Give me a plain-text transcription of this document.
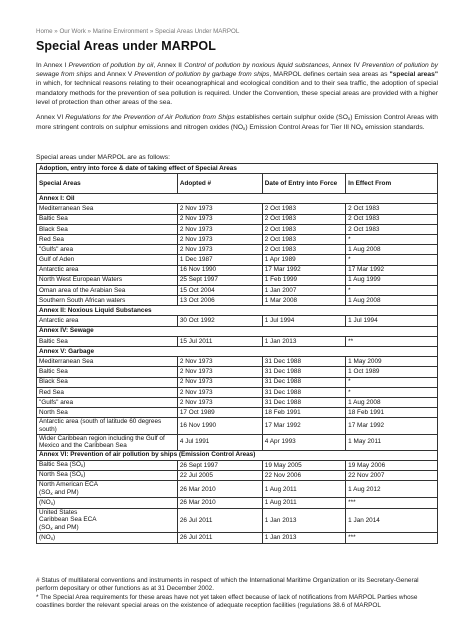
Home » Our Work » Marine Environment » Special Areas Under MARPOL
Special Areas under MARPOL

In Annex I Prevention of pollution by oil, Annex II Control of pollution by noxious liquid substances, Annex IV Prevention of pollution by sewage from ships and Annex V Prevention of pollution by garbage from ships, MARPOL defines certain sea areas as "special areas" in which, for technical reasons relating to their oceanographical and ecological condition and to their sea traffic, the adoption of special mandatory methods for the prevention of sea pollution is required. Under the Convention, these special areas are provided with a higher level of protection than other areas of the sea.

Annex VI Regulations for the Prevention of Air Pollution from Ships establishes certain sulphur oxide $(SO_x)$ Emission Control Areas with more stringent controls on sulphur emissions and nitrogen oxides $(NO_x)$ Emission Control Areas for Tier III $NO_x$ emission standards.

Special areas under MARPOL are as follows:

Adoption, entry into force & date of taking effect of Special Areas			
Special Areas	Adopted #	Date of Entry into Force	In Effect From
Annex I: Oil			
Mediterranean Sea	2 Nov 1973	2 Oct 1983	2 Oct 1983
Baltic Sea	2 Nov 1973	2 Oct 1983	2 Oct 1983
Black Sea	2 Nov 1973	2 Oct 1983	2 Oct 1983
Red Sea	2 Nov 1973	2 Oct 1983	*
"Gulfs" area	2 Nov 1973	2 Oct 1983	1 Aug 2008
Gulf of Aden	1 Dec 1987	1 Apr 1989	*
Antarctic area	16 Nov 1990	17 Mar 1992	17 Mar 1992
North West European Waters	25 Sept 1997	1 Feb 1999	1 Aug 1999
Oman area of the Arabian Sea	15 Oct 2004	1 Jan 2007	*
Southern South African waters	13 Oct 2006	1 Mar 2008	1 Aug 2008
Annex II: Noxious Liquid Substances			
Antarctic area	30 Oct 1992	1 Jul 1994	1 Jul 1994
Annex IV: Sewage			
Baltic Sea	15 Jul 2011	1 Jan 2013	**
Annex V: Garbage			
Mediterranean Sea	2 Nov 1973	31 Dec 1988	1 May 2009
Baltic Sea	2 Nov 1973	31 Dec 1988	1 Oct 1989
Black Sea	2 Nov 1973	31 Dec 1988	*
Red Sea	2 Nov 1973	31 Dec 1988	*
"Gulfs" area	2 Nov 1973	31 Dec 1988	1 Aug 2008
North Sea	17 Oct 1989	18 Feb 1991	18 Feb 1991
Antarctic area (south of latitude 60 degrees south)	16 Nov 1990	17 Mar 1992	17 Mar 1992
Wider Caribbean region including the Gulf of Mexico and the Caribbean Sea	4 Jul 1991	4 Apr 1993	1 May 2011
Annex VI: Prevention of air pollution by ships (Emission Control Areas)			
Baltic Sea $(SO_x)$	26 Sept 1997	19 May 2005	19 May 2006
North Sea $(SO_x)$	22 Jul 2005	22 Nov 2006	22 Nov 2007
North American ECA
($SO_x$ and PM)	26 Mar 2010	1 Aug 2011	1 Aug 2012
$(NO_x)$	26 Mar 2010	1 Aug 2011	***
United States
Caribbean Sea ECA
($SO_x$ and PM)	26 Jul 2011	1 Jan 2013	1 Jan 2014
$(NO_x)$	26 Jul 2011	1 Jan 2013	***

# Status of multilateral conventions and instruments in respect of which the International Maritime Organization or its Secretary-General perform depositary or other functions as at 31 December 2002.

* The Special Area requirements for these areas have not yet taken effect because of lack of notifications from MARPOL Parties whose coastlines border the relevant special areas on the existence of adequate reception facilities (regulations 38.6 of MARPOL
